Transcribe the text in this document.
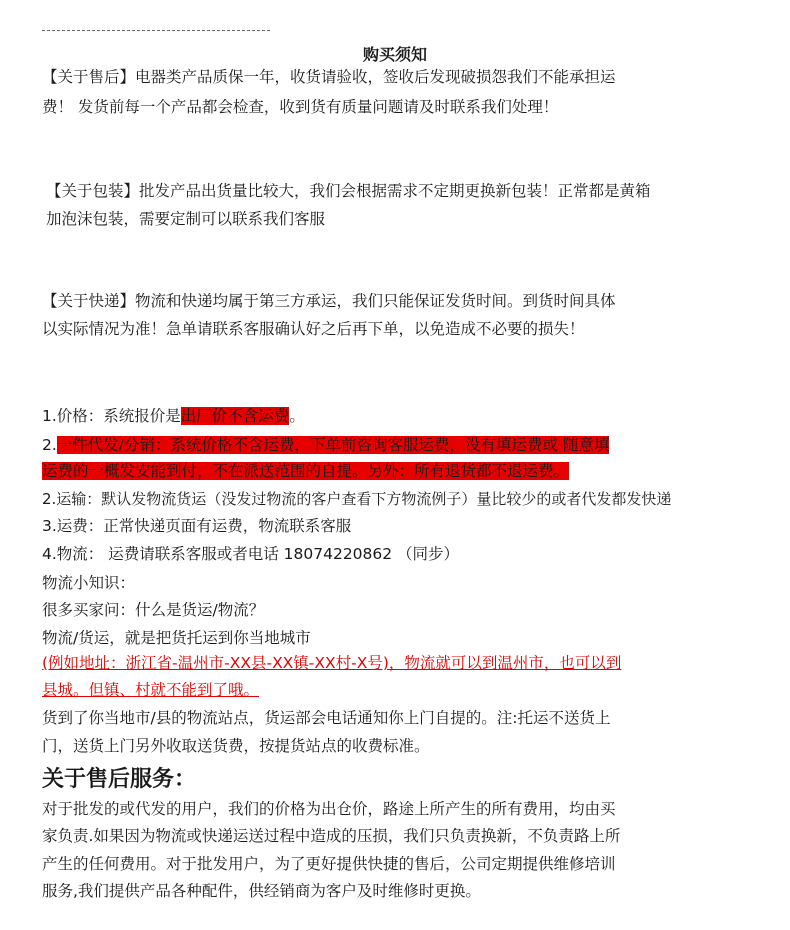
购买须知
【关于售后】电器类产品质保一年，收货请验收，签收后发现破损怨我们不能承担运
费！ 发货前每一个产品都会检查，收到货有质量问题请及时联系我们处理！
【关于包装】批发产品出货量比较大，我们会根据需求不定期更换新包装！正常都是黄箱
加泡沫包装，需要定制可以联系我们客服
【关于快递】物流和快递均属于第三方承运，我们只能保证发货时间。到货时间具体
以实际情况为准！急单请联系客服确认好之后再下单，以免造成不必要的损失！
1.价格：系统报价是出厂价不含运费。
2.一件代发/分销：系统价格不含运费，下单前咨询客服运费，没有填运费或 随意填
运费的一概发安能到付，不在派送范围的自提。另外：所有退货都不退运费。
2.运输：默认发物流货运（没发过物流的客户查看下方物流例子）量比较少的或者代发都发快递
3.运费：正常快递页面有运费，物流联系客服
4.物流： 运费请联系客服或者电话 18074220862 （同步）
物流小知识：
很多买家问：什么是货运/物流？
物流/货运，就是把货托运到你当地城市
(例如地址：浙江省-温州市-XX县-XX镇-XX村-X号)，物流就可以到温州市，也可以到
县城。但镇、村就不能到了哦。
货到了你当地市/县的物流站点，货运部会电话通知你上门自提的。注:托运不送货上
门，送货上门另外收取送货费，按提货站点的收费标准。
关于售后服务：
对于批发的或代发的用户，我们的价格为出仓价，路途上所产生的所有费用，均由买
家负责.如果因为物流或快递运送过程中造成的压损，我们只负责换新，不负责路上所
产生的任何费用。对于批发用户，为了更好提供快捷的售后，公司定期提供维修培训
服务,我们提供产品各种配件，供经销商为客户及时维修时更换。
